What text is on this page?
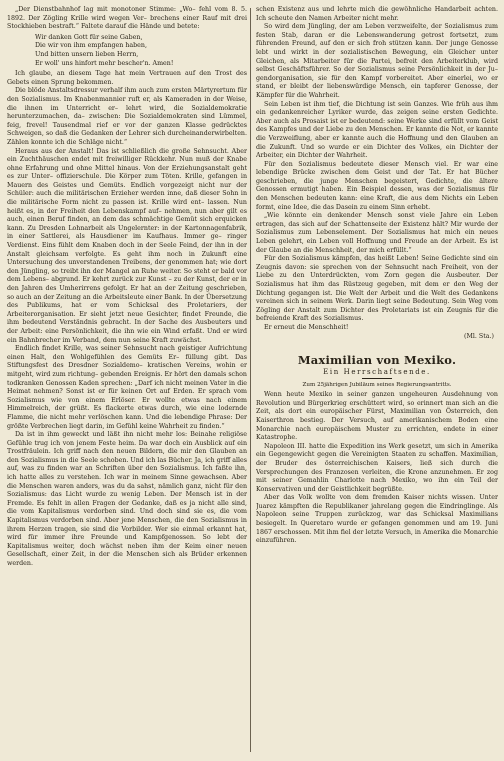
„Der Dienstbahnhof lag mit monotoner Stimme: „Wo– fehl vom 8. 5. 1892. Der Zögling Krille wird wegen Ver– brechens einer Rauf mit drei Stockhieben bestraft.“ Faltete darauf die Hände und betete:

Wir danken Gott für seine Gaben,
Die wir von ihm empfangen haben,
Und bitten unsern lieben Herrn,
Er woll' uns hinfort mehr bescher'n. Amen!

Ich glaube, an diesem Tage hat mein Vertrauen auf den Trost des Gebets einen Sprung bekommen.

Die blöde Anstaltsdressur verhalf ihm auch zum ersten Märtyrertum für den Sozialismus. Im Knabenmannier ruft er, als Kameraden in der Weise, die ihnen im Unterricht er– lehrt wird, die Sozialdemokratie herunterzumachen, da– zwischen: Die Sozialdemokraten sind Lümmel, feig, frevel! Tausendmal rief er vor der ganzen Klasse gedrücktes Schweigen, so daß die Gedanken der Lehrer sich durcheinanderwirbelten. Zählen konnte ich die Schläge nicht.“

Heraus aus der Anstalt! Das ist schließlich die große Sehnsucht. Aber ein Zuchthäuschen endet mit freiwilliger Rückkehr. Nun muß der Knabe ohne Erfahrung und ohne Mittel hinaus. Von der Erziehungsanstalt geht es zur Unter– offizierschule. Die Körper zum Töten. Krille, gefangen in Mauern des Geistes und Gemüts. Endlich vorgezeigt nicht nur der Schüler: auch die militärischen Erzieher werden inne, daß dieser Sohn in die militärische Form nicht zu passen ist. Krille wird ent– lassen. Nun heißt es, in der Freiheit den Lebenskampf auf– nehmen, nun aber gilt es auch, einen Beruf finden, an dem das schmächtige Gemüt sich erquicken kann. Zu Dresden Lohnarbeit als Ungelernter: in der Kartonnagenfabrik, in einer Sattlerei, als Hausdiener im Kaufhaus. Immer ge– ringer Verdienst. Eins fühlt dem Knaben doch in der Seele Feind, der ihn in der Anstalt gleichsam verfolgte. Es geht ihm noch in Zukunft eine Untersuchung des unverstandenen Treibens, der genommen hat; wie dort den Jüngling, so treibt ihn der Mangel an Ruhe weiter. So steht er bald vor dem Lebens– abgrund. Er kehrt zurück zur Kunst – zu der Kunst, der er in den Jahren des Umherirrens gefolgt. Er hat an der Zeitung geschrieben, so auch an der Zeitung an die Arbeitsleute einer Bank. In der Übersetzung des Publikums, hat er vom Schicksal des Proletariers, der Arbeiterorganisation. Er sieht jetzt neue Gesichter, findet Freunde, die ihm bedeutend Verständnis gebracht. In der Sache des Ausbeuters und der Arbeit: eine Persönlichkeit, die ihn wie ein Wind erfaßt. Und er wird ein Bahnbrecher im Verband, dem nun seine Kraft zuwächst.

Endlich findet Krille, was seiner Sehnsucht nach geistiger Aufrichtung einen Halt, den Wohlgefühlen des Gemüts Er– füllung gibt. Das Stiftungsfest des Dresdner Sozialdemo– kratischen Vereins, wohin er mitgeht, wird zum richtung– gebenden Ereignis. Er hört den damals schon todkranken Genossen Kaden sprechen: „Darf ich nicht meinen Vater in die Heimat nehmen? Sonst ist er für keinen Ort auf Erden. Er sprach vom Sozialismus wie von einem Erlöser. Er wollte etwas nach einem Himmelreich, der grüßt. Es flackerte etwas durch, wie eine lodernde Flamme, die nicht mehr verlöschen kann. Und die lebendige Phrase: Der größte Verbrechen liegt darin, im Gefühl keine Wahrheit zu finden.“

Da ist in ihm geweckt und läßt ihn nicht mehr los: Beinahe religiöse Gefühle trug ich von jenem Feste heim. Da war doch ein Ausblick auf ein Trostfräulein. Ich griff nach den neuen Bildern, die mir den Glauben an den Sozialismus in die Seele schoben. Und ich las Bücher. Ja, ich griff alles auf, was zu finden war an Schriften über den Sozialismus. Ich faßte ihn, ich hatte alles zu verstehen. Ich war in meinem Sinne gewachsen. Aber die Menschen waren anders, was du da sahst, nämlich ganz, nicht für den Sozialismus: das Licht wurde zu wenig Leben. Der Mensch ist in der Fremde. Es fehlt in allen Fragen der Gedanke, daß es ja nicht alle sind, die vom Kapitalismus verdorben sind. Und doch sind sie es, die vom Kapitalismus verdorben sind. Aber jene Menschen, die den Sozialismus in ihrem Herzen tragen, sie sind die Vorbilder. Wer sie einmal erkannt hat, wird für immer ihre Freunde und Kampfgenossen. So lebt der Kapitalismus weiter, doch wächst neben ihm der Keim einer neuen Gesellschaft, einer Zeit, in der die Menschen sich als Brüder erkennen werden.

schen Existenz aus und lehrte mich die gewöhnliche Handarbeit achten. Ich scheute den Namen Arbeiter nicht mehr.

So wird dem Jüngling, der am Leben verzweifelte, der Sozialismus zum festen Stab, daran er die Lebenswanderung getrost fortsetzt, zum führenden Freund, auf den er sich froh stützen kann. Der junge Genosse lebt und wirkt in der sozialistischen Bewegung, ein Gleicher unter Gleichen, als Mitarbeiter für die Partei, befreit den Arbeiterklub, wird selbst Geschäftsführer. So der Sozialismus seine Persönlichkeit in der Ju– gendorganisation, sie für den Kampf vorbereitet. Aber einerlei, wo er stand, er bleibt der liebenswürdige Mensch, ein tapferer Genosse, der Kämpfer für die Wahrheit.

Sein Leben ist ihm tief, die Dichtung ist sein Ganzes. Wie früh aus ihm ein gedankenreicher Lyriker wurde, das zeigen seine ersten Gedichte. Aber auch als Prosaist ist er bedeutend: seine Werke sind erfüllt vom Geist des Kampfes und der Liebe zu den Menschen. Er kannte die Not, er kannte die Verzweiflung, aber er kannte auch die Hoffnung und den Glauben an die Zukunft. Und so wurde er ein Dichter des Volkes, ein Dichter der Arbeiter, ein Dichter der Wahrheit.

Für den Sozialismus bedeutete dieser Mensch viel. Er war eine lebendige Brücke zwischen dem Geist und der Tat. Er hat Bücher geschrieben, die junge Menschen begeistert, Gedichte, die ältere Genossen ermutigt haben. Ein Beispiel dessen, was der Sozialismus für den Menschen bedeuten kann: eine Kraft, die aus dem Nichts ein Leben formt, eine Idee, die das Dasein zu einem Sinn erhebt.

„Wie könnte ein denkender Mensch sonst viele Jahre ein Leben ertragen, das sich auf der Schattenseite der Existenz hält? Mir wurde der Sozialismus zum Lebenselement. Der Sozialismus hat mich ein neues Leben gelehrt, ein Leben voll Hoffnung und Freude an der Arbeit. Es ist der Glaube an die Menschheit, der mich erfüllt.“

Für den Sozialismus kämpfen, das heißt Leben! Seine Gedichte sind ein Zeugnis davon: sie sprechen von der Sehnsucht nach Freiheit, von der Liebe zu den Unterdrückten, vom Zorn gegen die Ausbeuter. Der Sozialismus hat ihm das Rüstzeug gegeben, mit dem er den Weg der Dichtung gegangen ist. Die Welt der Arbeit und die Welt des Gedankens vereinen sich in seinem Werk. Darin liegt seine Bedeutung. Sein Weg vom Zögling der Anstalt zum Dichter des Proletariats ist ein Zeugnis für die befreiende Kraft des Sozialismus.

Er erneut die Menschheit!

(Ml. Sta.)
Maximilian von Mexiko.
Ein Herrschaftsende.
Zum 25jährigen Jubiläum seines Regierungsantritts.

Wenn heute Mexiko in seiner ganzen ungeheuren Ausdehnung von Revolution und Bürgerkrieg erschüttert wird, so erinnert man sich an die Zeit, als dort ein europäischer Fürst, Maximilian von Österreich, den Kaiserthron bestieg. Der Versuch, auf amerikanischem Boden eine Monarchie nach europäischem Muster zu errichten, endete in einer Katastrophe.

Napoleon III. hatte die Expedition ins Werk gesetzt, um sich in Amerika ein Gegengewicht gegen die Vereinigten Staaten zu schaffen. Maximilian, der Bruder des österreichischen Kaisers, ließ sich durch die Versprechungen des Franzosen verleiten, die Krone anzunehmen. Er zog mit seiner Gemahlin Charlotte nach Mexiko, wo ihn ein Teil der Konservativen und der Geistlichkeit begrüßte.

Aber das Volk wollte von dem fremden Kaiser nichts wissen. Unter Juarez kämpften die Republikaner jahrelang gegen die Eindringlinge. Als Napoleon seine Truppen zurückzog, war das Schicksal Maximilians besiegelt. In Queretaro wurde er gefangen genommen und am 19. Juni 1867 erschossen. Mit ihm fiel der letzte Versuch, in Amerika die Monarchie einzuführen.
